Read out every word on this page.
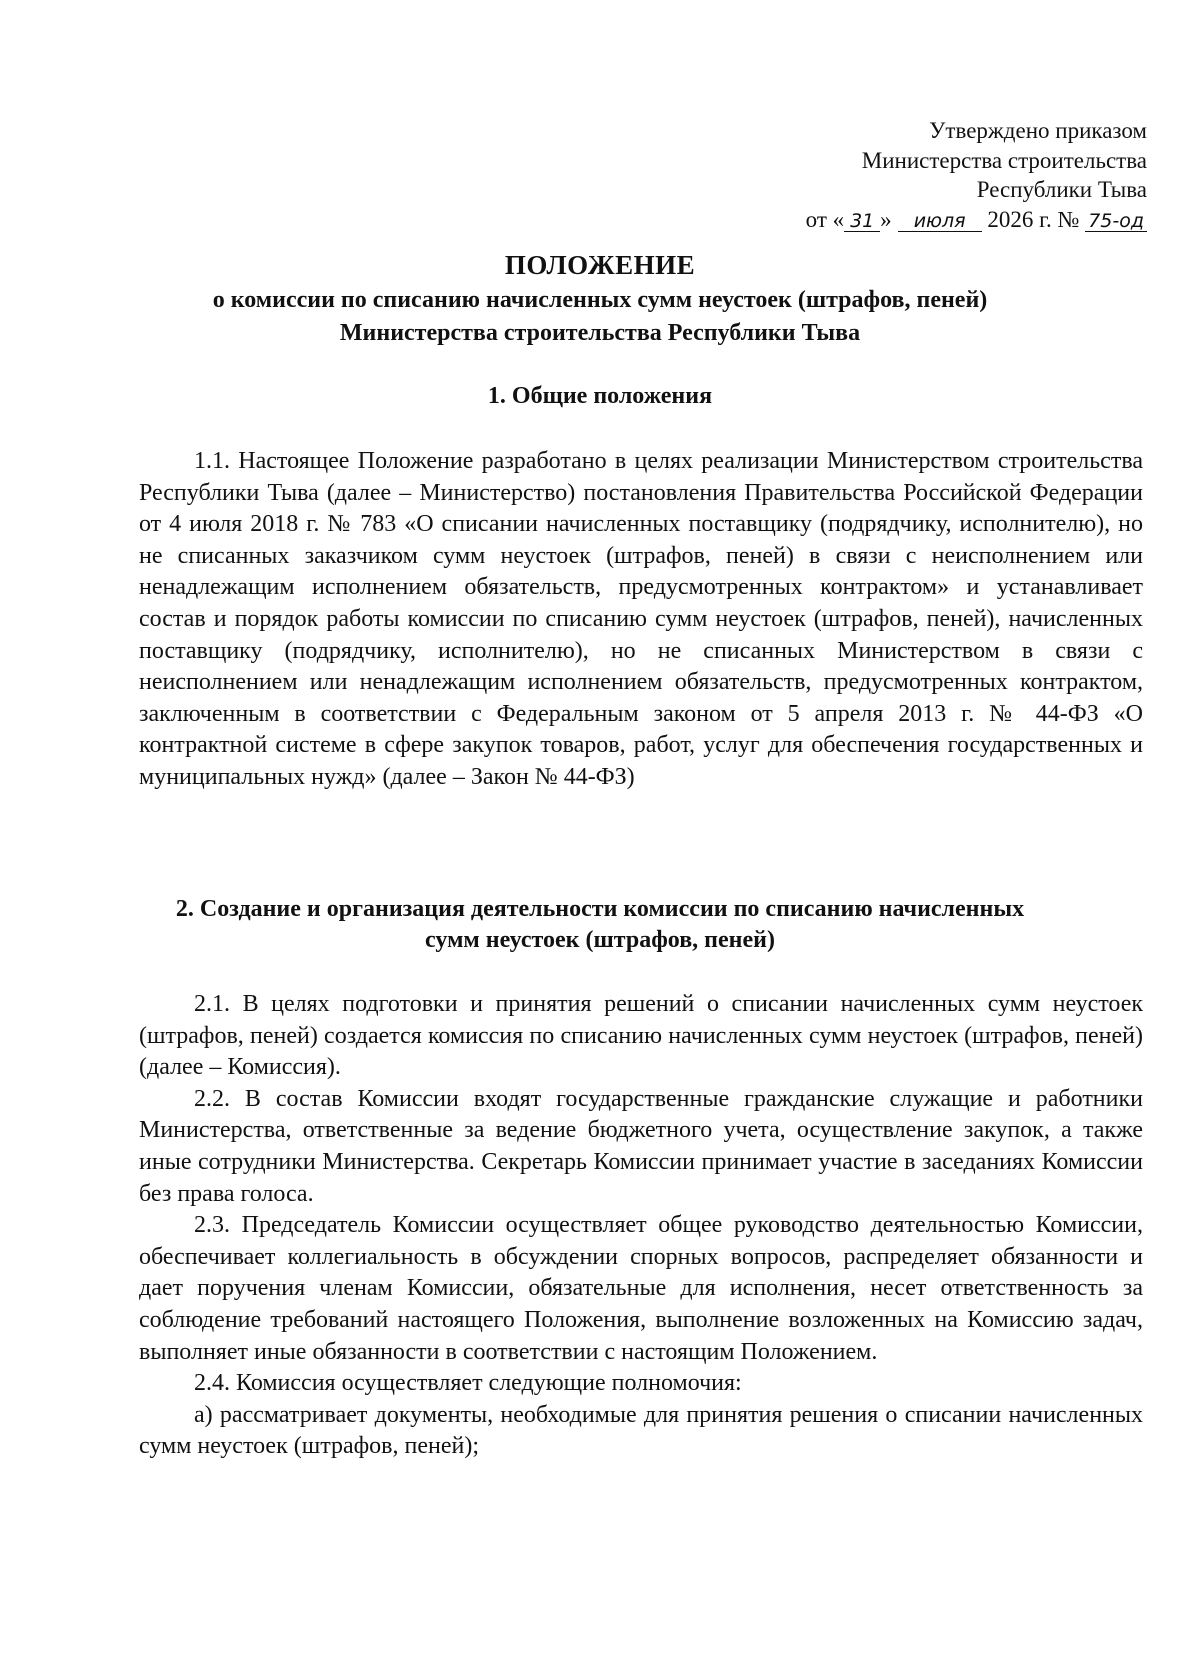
Утверждено приказом
Министерства строительства
Республики Тыва
от « 31 » июля 2026 г. № 75-од
ПОЛОЖЕНИЕ
о комиссии по списанию начисленных сумм неустоек (штрафов, пеней)
Министерства строительства Республики Тыва
1. Общие положения

1.1. Настоящее Положение разработано в целях реализации Министерством строительства Республики Тыва (далее – Министерство) постановления Правительства Российской Федерации от 4 июля 2018 г. № 783 «О списании начисленных поставщику (подрядчику, исполнителю), но не списанных заказчиком сумм неустоек (штрафов, пеней) в связи с неисполнением или ненадлежащим исполнением обязательств, предусмотренных контрактом» и устанавливает состав и порядок работы комиссии по списанию сумм неустоек (штрафов, пеней), начисленных поставщику (подрядчику, исполнителю), но не списанных Министерством в связи с неисполнением или ненадлежащим исполнением обязательств, предусмотренных контрактом, заключенным в соответствии с Федеральным законом от 5 апреля 2013 г. № 44-ФЗ «О контрактной системе в сфере закупок товаров, работ, услуг для обеспечения государственных и муниципальных нужд» (далее – Закон № 44-ФЗ)

2. Создание и организация деятельности комиссии по списанию начисленных
сумм неустоек (штрафов, пеней)

2.1. В целях подготовки и принятия решений о списании начисленных сумм неустоек (штрафов, пеней) создается комиссия по списанию начисленных сумм неустоек (штрафов, пеней) (далее – Комиссия).

2.2. В состав Комиссии входят государственные гражданские служащие и работники Министерства, ответственные за ведение бюджетного учета, осуществление закупок, а также иные сотрудники Министерства. Секретарь Комиссии принимает участие в заседаниях Комиссии без права голоса.

2.3. Председатель Комиссии осуществляет общее руководство деятельностью Комиссии, обеспечивает коллегиальность в обсуждении спорных вопросов, распределяет обязанности и дает поручения членам Комиссии, обязательные для исполнения, несет ответственность за соблюдение требований настоящего Положения, выполнение возложенных на Комиссию задач, выполняет иные обязанности в соответствии с настоящим Положением.

2.4. Комиссия осуществляет следующие полномочия:

а) рассматривает документы, необходимые для принятия решения о списании начисленных сумм неустоек (штрафов, пеней);
